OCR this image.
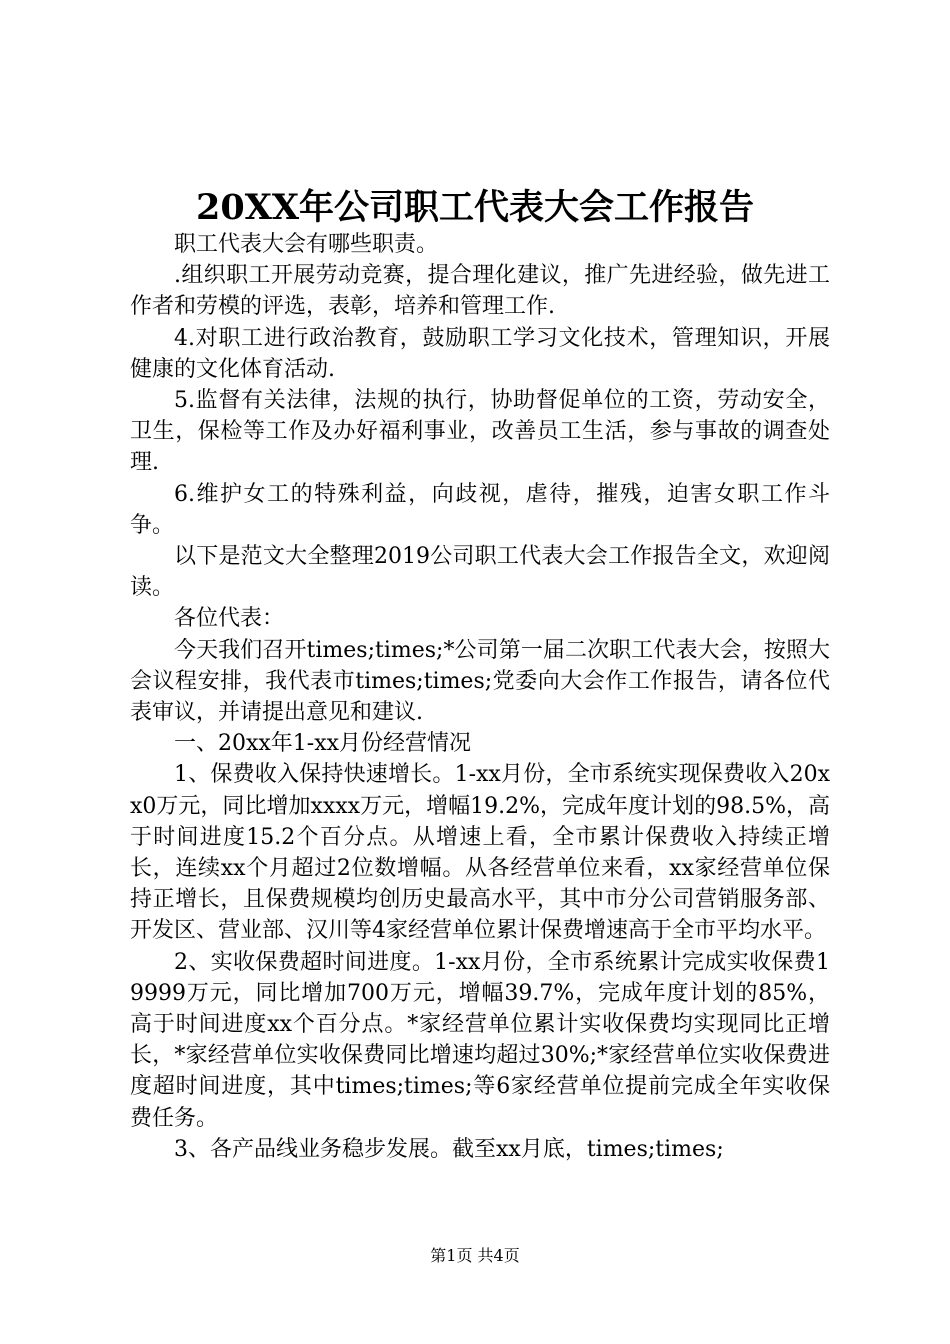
20XX年公司职工代表大会工作报告

职工代表大会有哪些职责。

.组织职工开展劳动竞赛，提合理化建议，推广先进经验，做先进工作者和劳模的评选，表彰，培养和管理工作.

4.对职工进行政治教育，鼓励职工学习文化技术，管理知识，开展健康的文化体育活动.

5.监督有关法律，法规的执行，协助督促单位的工资，劳动安全，卫生，保检等工作及办好福利事业，改善员工生活，参与事故的调查处理.

6.维护女工的特殊利益，向歧视，虐待，摧残，迫害女职工作斗争。

以下是范文大全整理2019公司职工代表大会工作报告全文，欢迎阅读。

各位代表：

今天我们召开times;times;*公司第一届二次职工代表大会，按照大会议程安排，我代表市times;times;党委向大会作工作报告，请各位代表审议，并请提出意见和建议.

一、20xx年1-xx月份经营情况

1、保费收入保持快速增长。1-xx月份，全市系统实现保费收入20xx0万元，同比增加xxxx万元，增幅19.2%，完成年度计划的98.5%，高于时间进度15.2个百分点。从增速上看，全市累计保费收入持续正增长，连续xx个月超过2位数增幅。从各经营单位来看，xx家经营单位保持正增长，且保费规模均创历史最高水平，其中市分公司营销服务部、开发区、营业部、汉川等4家经营单位累计保费增速高于全市平均水平。

2、实收保费超时间进度。1-xx月份，全市系统累计完成实收保费19999万元，同比增加700万元，增幅39.7%，完成年度计划的85%，高于时间进度xx个百分点。*家经营单位累计实收保费均实现同比正增长，*家经营单位实收保费同比增速均超过30%;*家经营单位实收保费进度超时间进度，其中times;times;等6家经营单位提前完成全年实收保费任务。

3、各产品线业务稳步发展。截至xx月底，times;times;

第1页 共4页
